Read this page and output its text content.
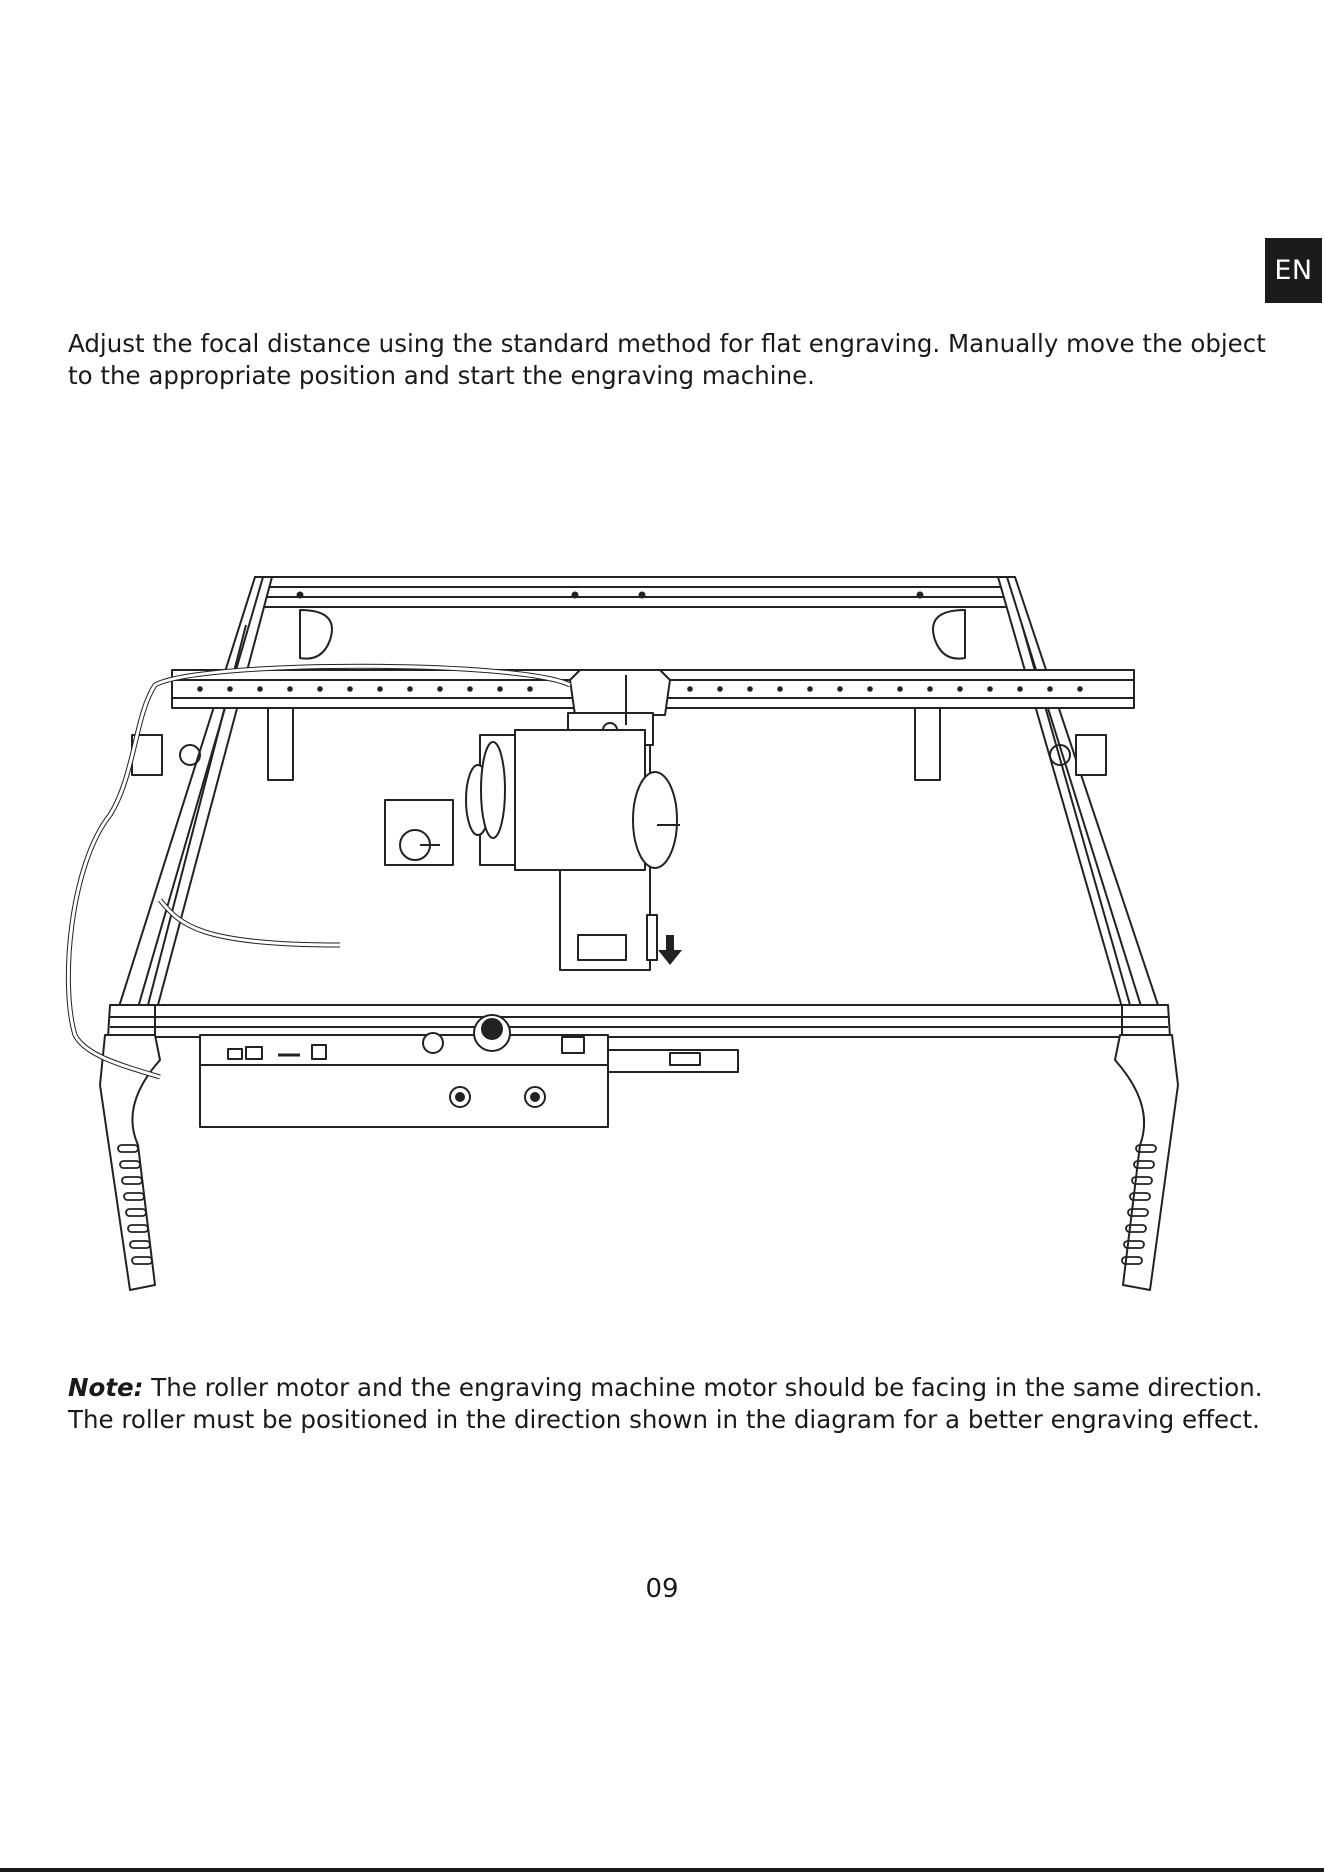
EN

Adjust the focal distance using the standard method for flat engraving. Manually move the object to the appropriate position and start the engraving machine.

Note: The roller motor and the engraving machine motor should be facing in the same direction. The roller must be positioned in the direction shown in the diagram for a better engraving effect.

09
